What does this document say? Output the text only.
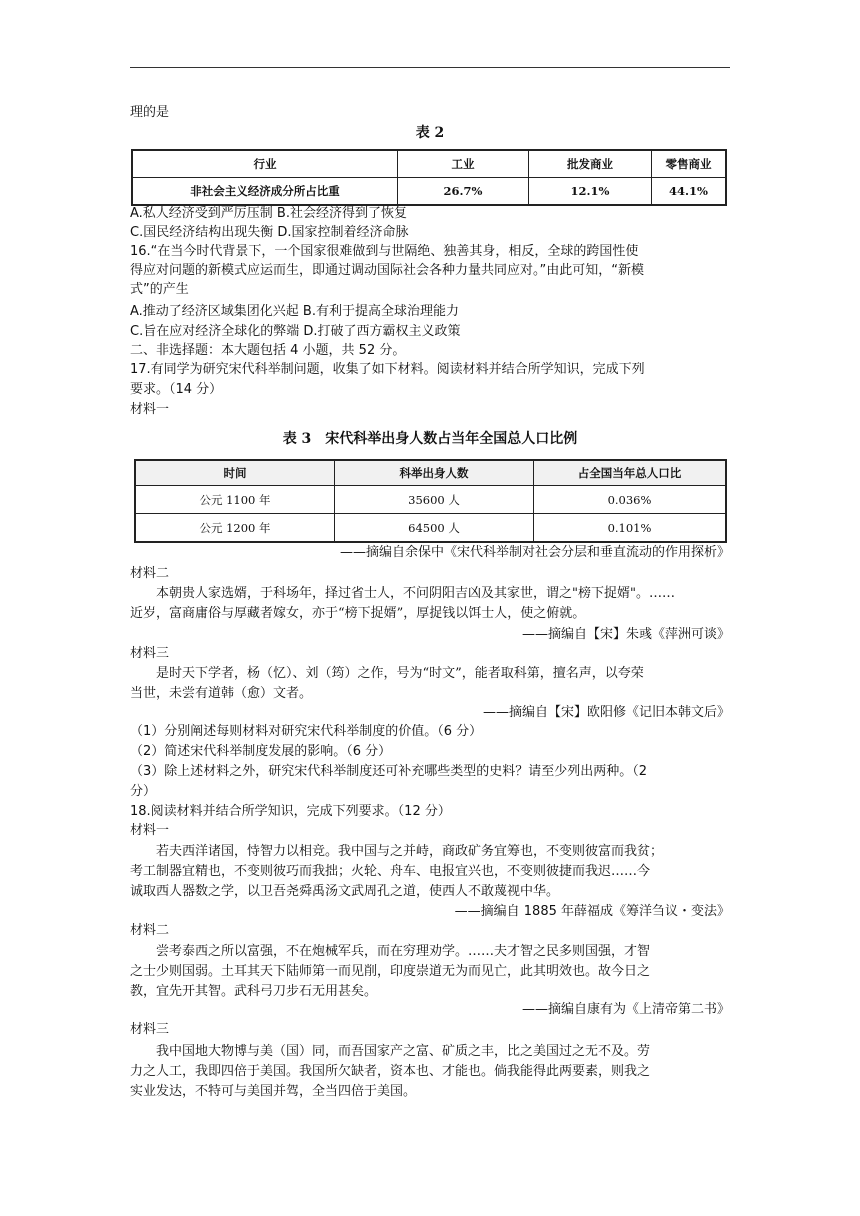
理的是
表 2
行业	工业	批发商业	零售商业
非社会主义经济成分所占比重	26.7%	12.1%	44.1%
A.私人经济受到严厉压制 B.社会经济得到了恢复
C.国民经济结构出现失衡 D.国家控制着经济命脉
16.“在当今时代背景下，一个国家很难做到与世隔绝、独善其身，相反，全球的跨国性使
得应对问题的新模式应运而生，即通过调动国际社会各种力量共同应对。”由此可知，“新模
式”的产生
A.推动了经济区域集团化兴起 B.有利于提高全球治理能力
C.旨在应对经济全球化的弊端 D.打破了西方霸权主义政策
二、非选择题：本大题包括 4 小题，共 52 分。
17.有同学为研究宋代科举制问题，收集了如下材料。阅读材料并结合所学知识，完成下列
要求。（14 分）
材料一
表 3　宋代科举出身人数占当年全国总人口比例
时间	科举出身人数	占全国当年总人口比
公元 1100 年	35600 人	0.036%
公元 1200 年	64500 人	0.101%
——摘编自余保中《宋代科举制对社会分层和垂直流动的作用探析》
材料二
本朝贵人家选婿，于科场年，择过省士人，不问阴阳吉凶及其家世，谓之"榜下捉婿"。……
近岁，富商庸俗与厚藏者嫁女，亦于“榜下捉婿”，厚捉钱以饵士人，使之俯就。
——摘编自【宋】朱彧《萍洲可谈》
材料三
是时天下学者，杨（忆）、刘（筠）之作，号为“时文”，能者取科第，擅名声，以夸荣
当世，未尝有道韩（愈）文者。
——摘编自【宋】欧阳修《记旧本韩文后》
（1）分别阐述每则材料对研究宋代科举制度的价值。（6 分）
（2）简述宋代科举制度发展的影响。（6 分）
（3）除上述材料之外，研究宋代科举制度还可补充哪些类型的史料？请至少列出两种。（2
分）
18.阅读材料并结合所学知识，完成下列要求。（12 分）
材料一
若夫西洋诸国，恃智力以相竞。我中国与之并峙，商政矿务宜筹也，不变则彼富而我贫；
考工制器宜精也，不变则彼巧而我拙；火轮、舟车、电报宜兴也，不变则彼捷而我迟……今
诚取西人器数之学，以卫吾尧舜禹汤文武周孔之道，使西人不敢蔑视中华。
——摘编自 1885 年薛福成《筹洋刍议・变法》
材料二
尝考泰西之所以富强，不在炮械军兵，而在穷理劝学。……夫才智之民多则国强，才智
之士少则国弱。土耳其天下陆师第一而见削，印度崇道无为而见亡，此其明效也。故今日之
教，宜先开其智。武科弓刀步石无用甚矣。
——摘编自康有为《上清帝第二书》
材料三
我中国地大物博与美（国）同，而吾国家产之富、矿质之丰，比之美国过之无不及。劳
力之人工，我即四倍于美国。我国所欠缺者，资本也、才能也。倘我能得此两要素，则我之
实业发达，不特可与美国并驾，全当四倍于美国。
